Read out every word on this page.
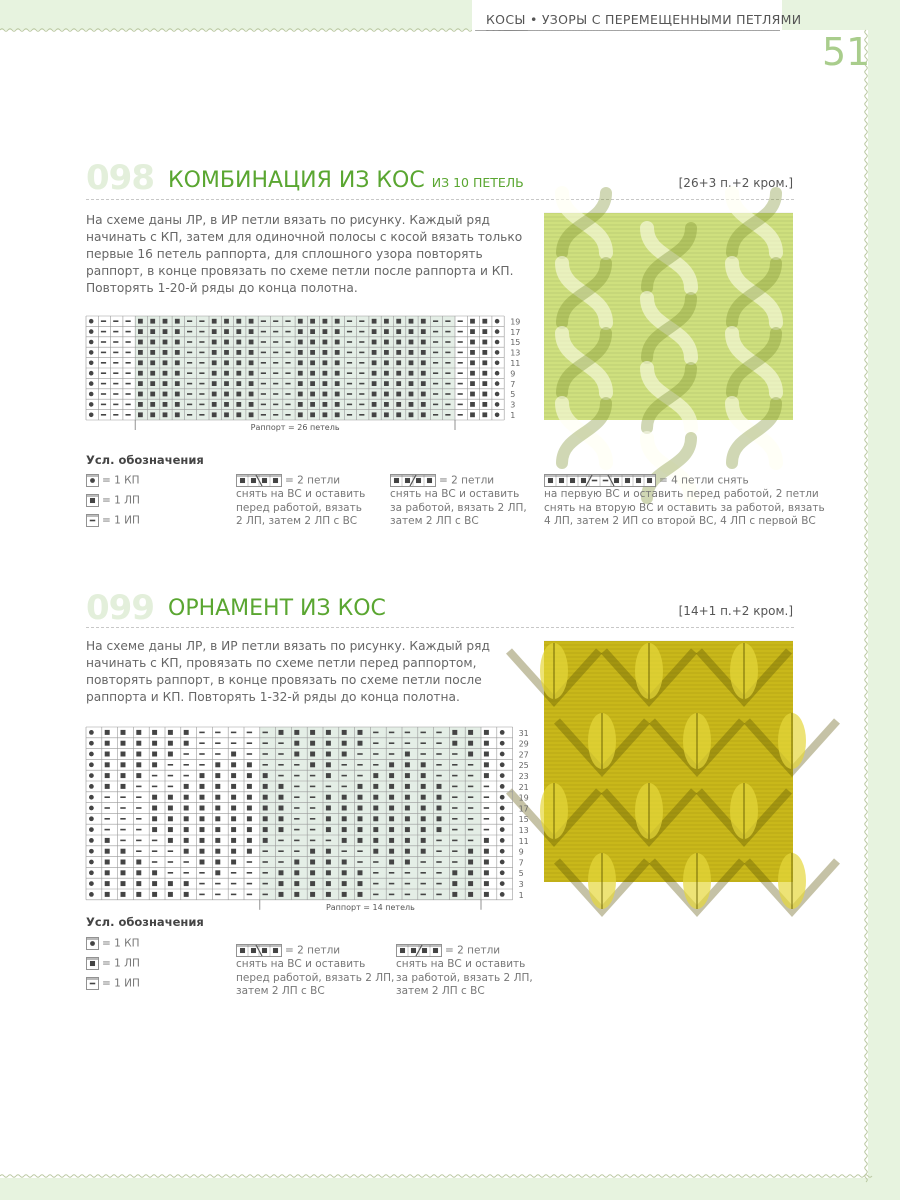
КОСЫ • УЗОРЫ С ПЕРЕМЕЩЕННЫМИ ПЕТЛЯМИ
51
098 КОМБИНАЦИЯ ИЗ КОС ИЗ 10 ПЕТЕЛЬ	[26+3 п.+2 кром.]
На схеме даны ЛР, в ИР петли вязать по рисунку. Каждый ряд начинать с КП, затем для одиночной полосы с косой вязать только первые 16 петель раппорта, для сплошного узора повторять раппорт, в конце провязать по схеме петли после раппорта и КП. Повторять 1-20-й ряды до конца полотна.
19
17
15
13
11
9
7
5
3
1
Раппорт = 26 петель
Усл. обозначения
= 1 КП
= 1 ЛП
= 1 ИП
= 2 петли
снять на ВС и оставить
перед работой, вязать
2 ЛП, затем 2 ЛП с ВС
= 2 петли
снять на ВС и оставить
за работой, вязать 2 ЛП,
затем 2 ЛП с ВС
= 4 петли снять
на первую ВС и оставить перед работой, 2 петли
снять на вторую ВС и оставить за работой, вязать
4 ЛП, затем 2 ИП со второй ВС, 4 ЛП с первой ВС
099 ОРНАМЕНТ ИЗ КОС	[14+1 п.+2 кром.]
На схеме даны ЛР, в ИР петли вязать по рисунку. Каждый ряд начинать с КП, провязать по схеме петли перед раппортом, повторять раппорт, в конце провязать по схеме петли после раппорта и КП. Повторять 1-32-й ряды до конца полотна.
31
29
27
25
23
21
19
17
15
13
11
9
7
5
3
1
Раппорт = 14 петель
Усл. обозначения
= 1 КП
= 1 ЛП
= 1 ИП
= 2 петли
снять на ВС и оставить
перед работой, вязать 2 ЛП,
затем 2 ЛП с ВС
= 2 петли
снять на ВС и оставить
за работой, вязать 2 ЛП,
затем 2 ЛП с ВС
